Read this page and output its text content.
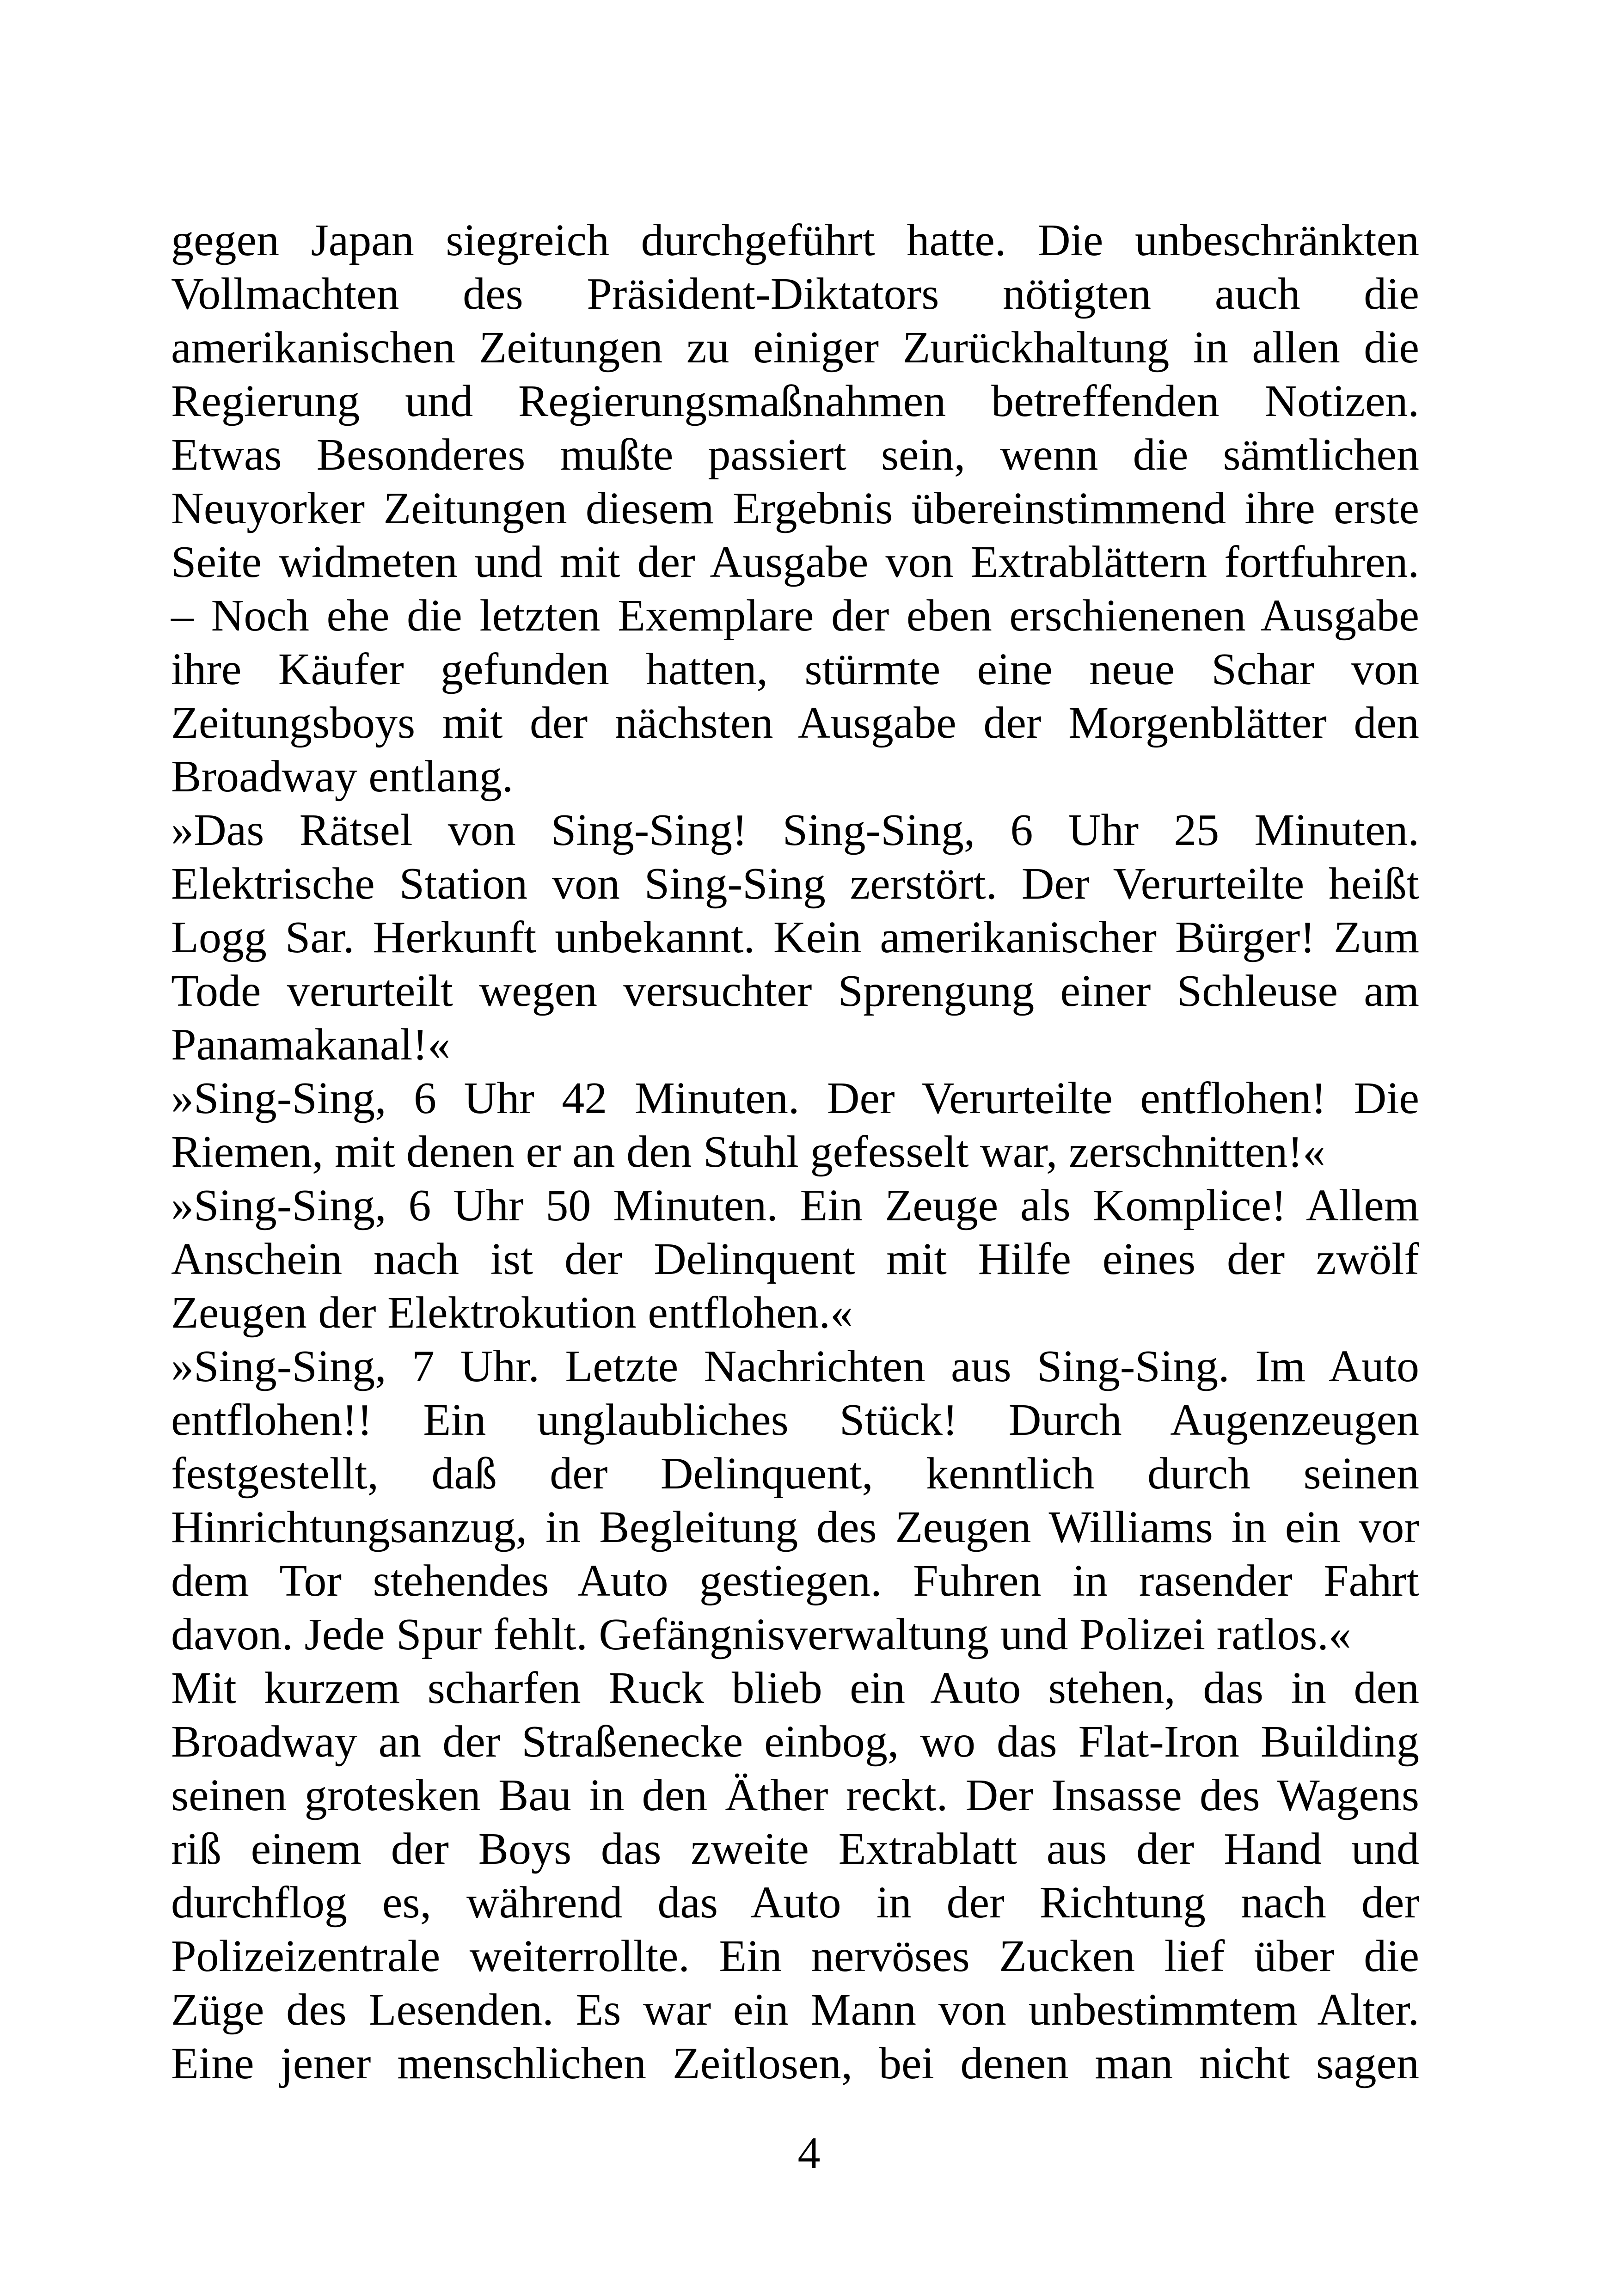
gegen Japan siegreich durchgeführt hatte. Die unbeschränkten
Vollmachten des Präsident-Diktators nötigten auch die
amerikanischen Zeitungen zu einiger Zurückhaltung in allen die
Regierung und Regierungsmaßnahmen betreffenden Notizen.
Etwas Besonderes mußte passiert sein, wenn die sämtlichen
Neuyorker Zeitungen diesem Ergebnis übereinstimmend ihre erste
Seite widmeten und mit der Ausgabe von Extrablättern fortfuhren.
– Noch ehe die letzten Exemplare der eben erschienenen Ausgabe
ihre Käufer gefunden hatten, stürmte eine neue Schar von
Zeitungsboys mit der nächsten Ausgabe der Morgenblätter den
Broadway entlang.
»Das Rätsel von Sing-Sing! Sing-Sing, 6 Uhr 25 Minuten.
Elektrische Station von Sing-Sing zerstört. Der Verurteilte heißt
Logg Sar. Herkunft unbekannt. Kein amerikanischer Bürger! Zum
Tode verurteilt wegen versuchter Sprengung einer Schleuse am
Panamakanal!«
»Sing-Sing, 6 Uhr 42 Minuten. Der Verurteilte entflohen! Die
Riemen, mit denen er an den Stuhl gefesselt war, zerschnitten!«
»Sing-Sing, 6 Uhr 50 Minuten. Ein Zeuge als Komplice! Allem
Anschein nach ist der Delinquent mit Hilfe eines der zwölf
Zeugen der Elektrokution entflohen.«
»Sing-Sing, 7 Uhr. Letzte Nachrichten aus Sing-Sing. Im Auto
entflohen!! Ein unglaubliches Stück! Durch Augenzeugen
festgestellt, daß der Delinquent, kenntlich durch seinen
Hinrichtungsanzug, in Begleitung des Zeugen Williams in ein vor
dem Tor stehendes Auto gestiegen. Fuhren in rasender Fahrt
davon. Jede Spur fehlt. Gefängnisverwaltung und Polizei ratlos.«
Mit kurzem scharfen Ruck blieb ein Auto stehen, das in den
Broadway an der Straßenecke einbog, wo das Flat-Iron Building
seinen grotesken Bau in den Äther reckt. Der Insasse des Wagens
riß einem der Boys das zweite Extrablatt aus der Hand und
durchflog es, während das Auto in der Richtung nach der
Polizeizentrale weiterrollte. Ein nervöses Zucken lief über die
Züge des Lesenden. Es war ein Mann von unbestimmtem Alter.
Eine jener menschlichen Zeitlosen, bei denen man nicht sagen
4
